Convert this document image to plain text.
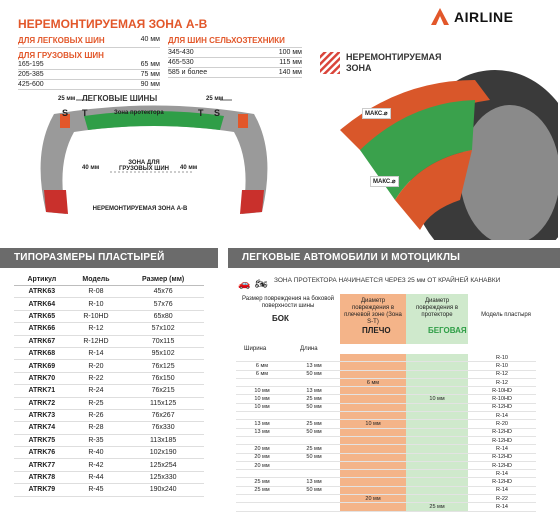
НЕРЕМОНТИРУЕМАЯ ЗОНА А-В
ДЛЯ ЛЕГКОВЫХ ШИН	40 мм
ДЛЯ ГРУЗОВЫХ ШИН
165-195	65 мм
205-385	75 мм
425-600	90 мм
ДЛЯ ШИН СЕЛЬХОЗТЕХНИКИ
345-430	100 мм
465-530	115 мм
585 и более	140 мм
25 мм ЛЕГКОВЫЕ ШИНЫ	25 мм
S T	Зона протектора	T S
40 мм	40 мм
ЗОНА ДЛЯ ГРУЗОВЫХ ШИН
НЕРЕМОНТИРУЕМАЯ ЗОНА А-В
НЕРЕМОНТИРУЕМАЯ ЗОНА
МАКС.⌀
МАКС.⌀
AIRLINE
ТИПОРАЗМЕРЫ ПЛАСТЫРЕЙ	ЛЕГКОВЫЕ АВТОМОБИЛИ И МОТОЦИКЛЫ
Артикул	Модель	Размер (мм)
ATRK63	R-08	45х76
ATRK64	R-10	57х76
ATRK65	R-10HD	65х80
ATRK66	R-12	57х102
ATRK67	R-12HD	70х115
ATRK68	R-14	95х102
ATRK69	R-20	76х125
ATRK70	R-22	76х150
ATRK71	R-24	76х215
ATRK72	R-25	115х125
ATRK73	R-26	76х267
ATRK74	R-28	76х330
ATRK75	R-35	113х185
ATRK76	R-40	102х190
ATRK77	R-42	125х254
ATRK78	R-44	125х330
ATRK79	R-45	190х240
🚗 🏍 ЗОНА ПРОТЕКТОРА НАЧИНАЕТСЯ ЧЕРЕЗ 25 мм ОТ КРАЙНЕЙ КАНАВКИ
Размер повреждения на боковой поверхности шины
БОК
Диаметр повреждения в плечевой зоне (Зона S-T)
ПЛЕЧО
Диаметр повреждения в протекторе
БЕГОВАЯ
Модель пластыря
Ширина	Длина
				R-10
6 мм	13 мм			R-10
6 мм	50 мм			R-12
		6 мм		R-12
10 мм	13 мм			R-10HD
10 мм	25 мм		10 мм	R-10HD
10 мм	50 мм			R-12HD
				R-14
13 мм	25 мм	10 мм		R-20
13 мм	50 мм			R-12HD
				R-12HD
20 мм	25 мм			R-14
20 мм	50 мм			R-12HD
20 мм				R-12HD
				R-14
25 мм	13 мм			R-12HD
25 мм	50 мм			R-14
		20 мм		R-22
			25 мм	R-14
